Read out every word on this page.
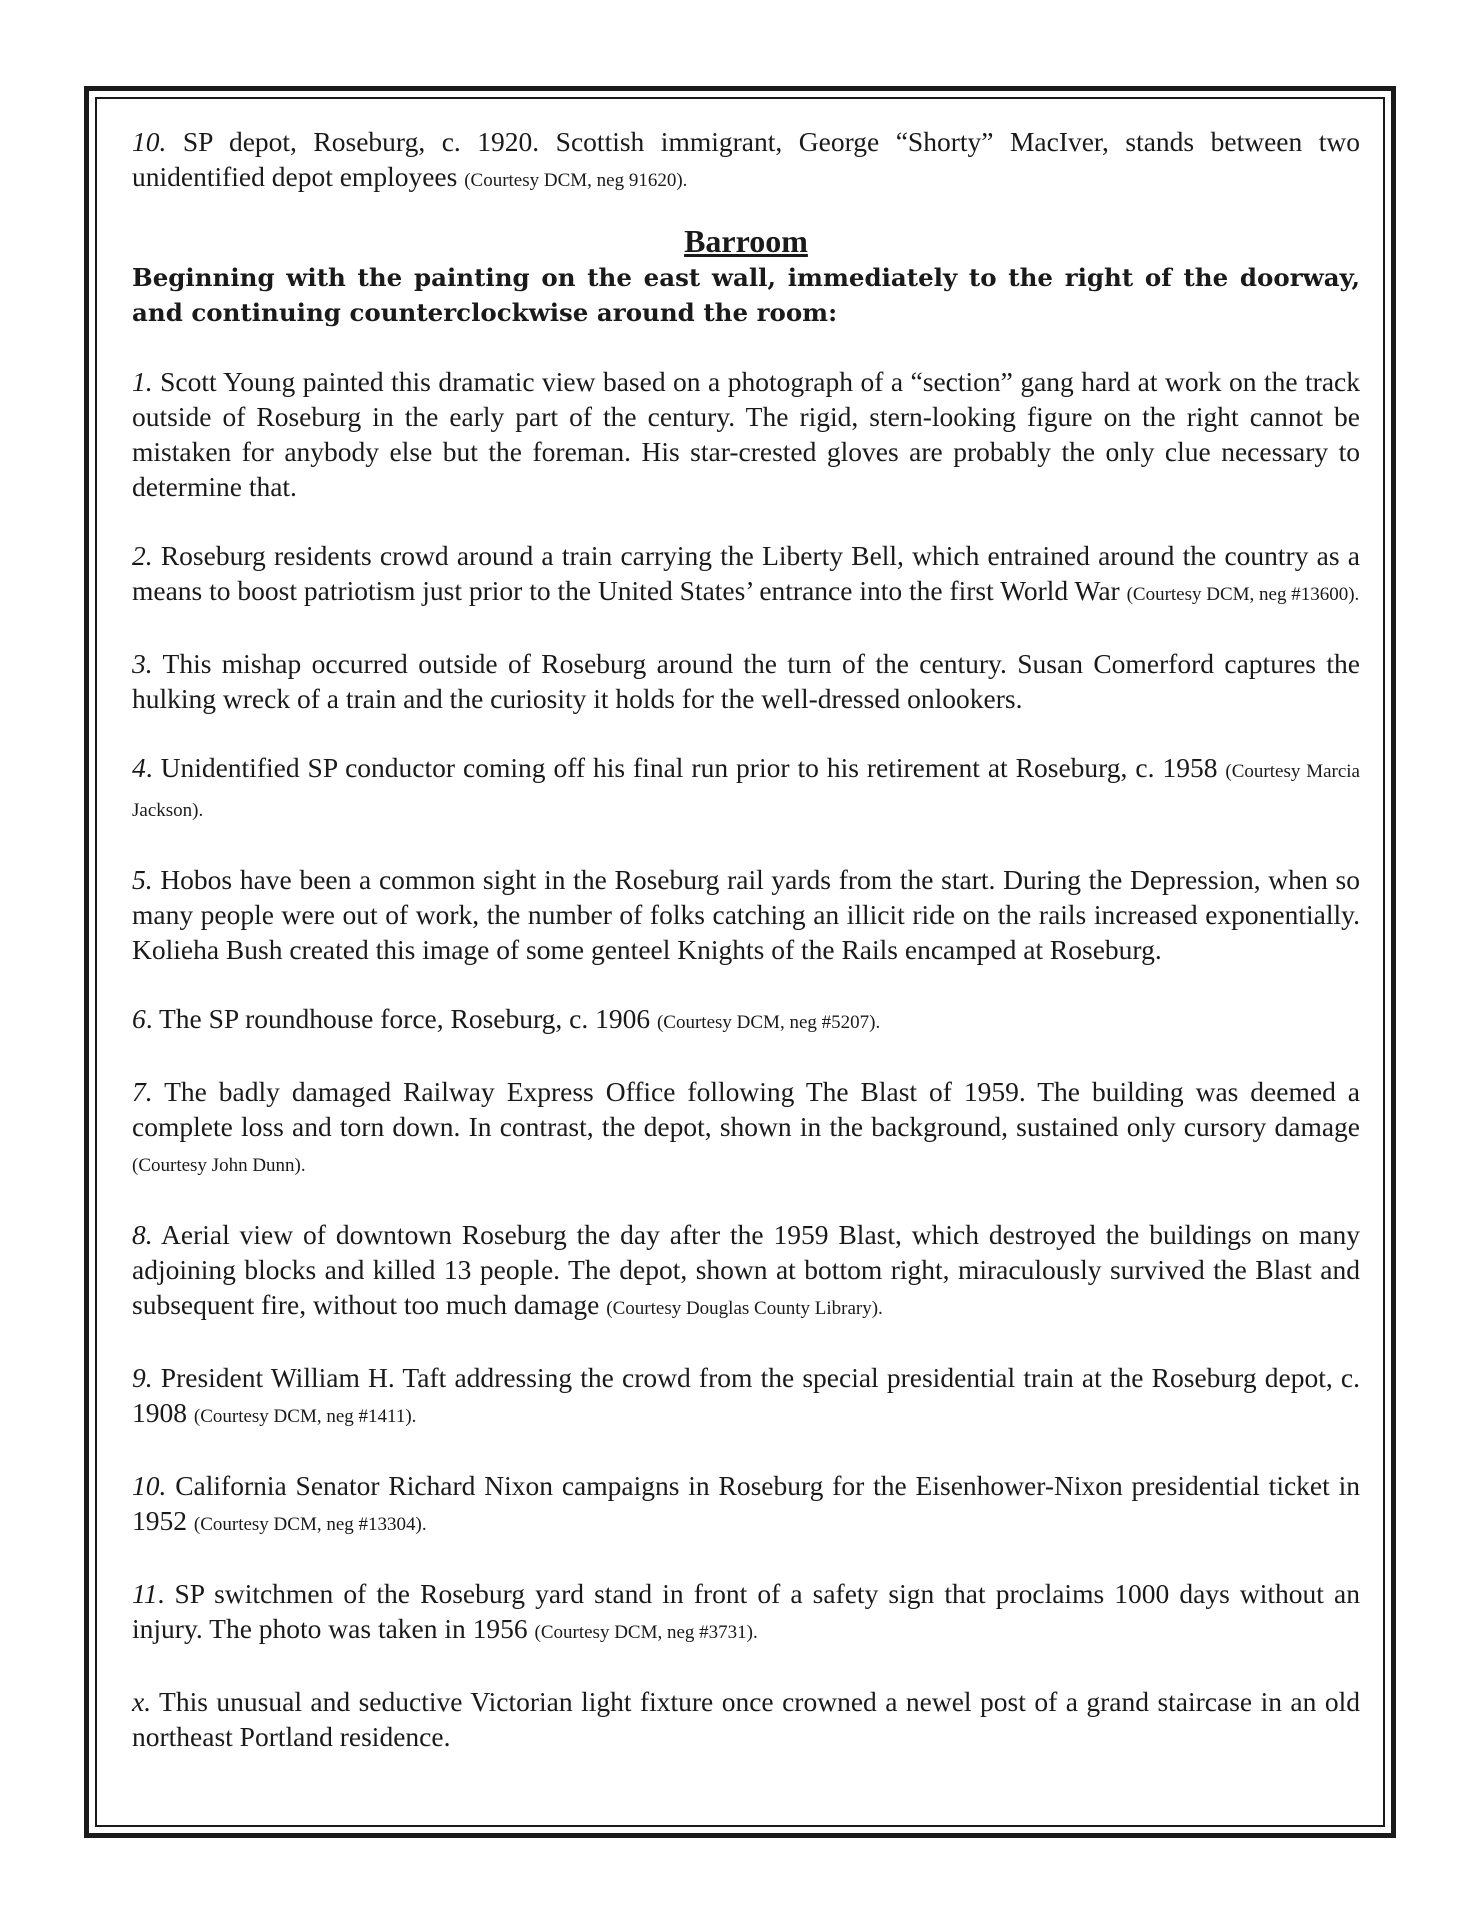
10. SP depot, Roseburg, c. 1920. Scottish immigrant, George “Shorty” MacIver, stands between two unidentified depot employees (Courtesy DCM, neg 91620).

Barroom

Beginning with the painting on the east wall, immediately to the right of the doorway, and continuing counterclockwise around the room:

1. Scott Young painted this dramatic view based on a photograph of a “section” gang hard at work on the track outside of Roseburg in the early part of the century. The rigid, stern-looking figure on the right cannot be mistaken for anybody else but the foreman. His star-crested gloves are probably the only clue necessary to determine that.

2. Roseburg residents crowd around a train carrying the Liberty Bell, which entrained around the country as a means to boost patriotism just prior to the United States’ entrance into the first World War (Courtesy DCM, neg #13600).

3. This mishap occurred outside of Roseburg around the turn of the century. Susan Comerford captures the hulking wreck of a train and the curiosity it holds for the well-dressed onlookers.

4. Unidentified SP conductor coming off his final run prior to his retirement at Roseburg, c. 1958 (Courtesy Marcia Jackson).

5. Hobos have been a common sight in the Roseburg rail yards from the start. During the Depression, when so many people were out of work, the number of folks catching an illicit ride on the rails increased exponentially. Kolieha Bush created this image of some genteel Knights of the Rails encamped at Roseburg.

6. The SP roundhouse force, Roseburg, c. 1906 (Courtesy DCM, neg #5207).

7. The badly damaged Railway Express Office following The Blast of 1959. The building was deemed a complete loss and torn down. In contrast, the depot, shown in the background, sustained only cursory damage (Courtesy John Dunn).

8. Aerial view of downtown Roseburg the day after the 1959 Blast, which destroyed the buildings on many adjoining blocks and killed 13 people. The depot, shown at bottom right, miraculously survived the Blast and subsequent fire, without too much damage (Courtesy Douglas County Library).

9. President William H. Taft addressing the crowd from the special presidential train at the Roseburg depot, c. 1908 (Courtesy DCM, neg #1411).

10. California Senator Richard Nixon campaigns in Roseburg for the Eisenhower-Nixon presidential ticket in 1952 (Courtesy DCM, neg #13304).

11. SP switchmen of the Roseburg yard stand in front of a safety sign that proclaims 1000 days without an injury. The photo was taken in 1956 (Courtesy DCM, neg #3731).

x. This unusual and seductive Victorian light fixture once crowned a newel post of a grand staircase in an old northeast Portland residence.
